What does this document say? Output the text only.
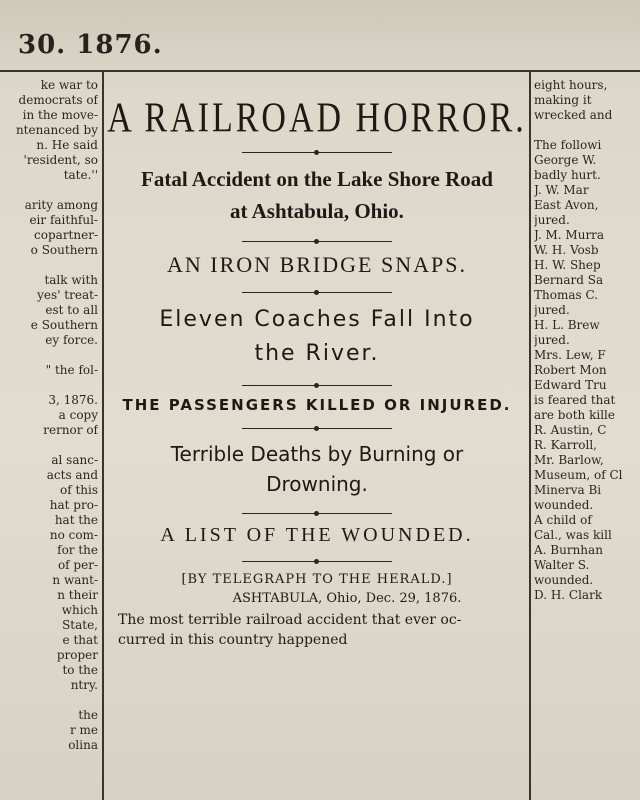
30. 1876.
ke war to
democrats of
in the move-
ntenanced by
n. He said
'resident, so
tate.''

arity among
eir faithful-
copartner-
o Southern

talk with
yes' treat-
est to all
e Southern
ey force.

" the fol-

3, 1876.
a copy
rernor of

al sanc-
acts and
of this
hat pro-
hat the
no com-
for the
of per-
n want-
n their
which
State,
e that
proper
to the
ntry.

the
r me
olina
A RAILROAD HORROR.
Fatal Accident on the Lake Shore Road
at Ashtabula, Ohio.
AN IRON BRIDGE SNAPS.
Eleven Coaches Fall Into
the River.
THE PASSENGERS KILLED OR INJURED.
Terrible Deaths by Burning or
Drowning.
A LIST OF THE WOUNDED.
[BY TELEGRAPH TO THE HERALD.]
ASHTABULA, Ohio, Dec. 29, 1876.
The most terrible railroad accident that ever oc-
curred in this country happened
eight hours,
making it
wrecked and

The followi
George W.
badly hurt.
J. W. Mar
East Avon,
jured.
J. M. Murra
W. H. Vosb
H. W. Shep
Bernard Sa
Thomas C.
jured.
H. L. Brew
jured.
Mrs. Lew, F
Robert Mon
Edward Tru
is feared that
are both kille
R. Austin, C
R. Karroll,
Mr. Barlow,
Museum, of Cl
Minerva Bi
wounded.
A child of
Cal., was kill
A. Burnhan
Walter S.
wounded.
D. H. Clark
